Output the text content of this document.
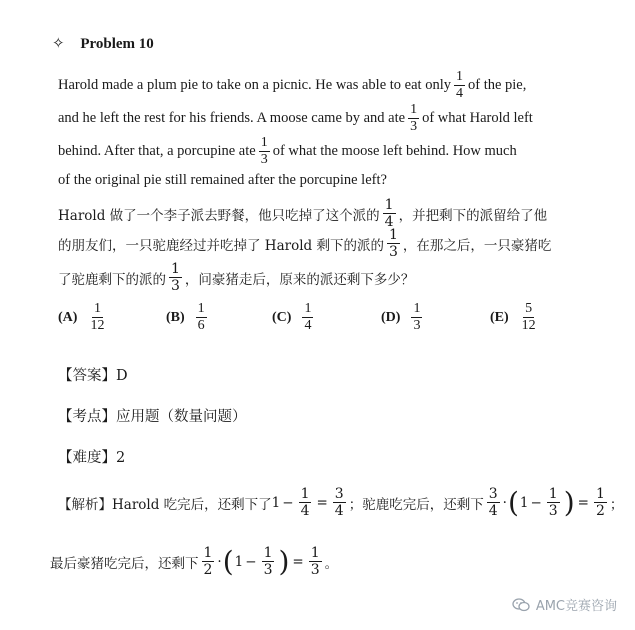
✧ Problem 10
Harold made a plum pie to take on a picnic. He was able to eat only $\frac{1}{4}$ of the pie,
and he left the rest for his friends. A moose came by and ate $\frac{1}{3}$ of what Harold left
behind. After that, a porcupine ate $\frac{1}{3}$ of what the moose left behind. How much
of the original pie still remained after the porcupine left?
Harold 做了一个李子派去野餐，他只吃掉了这个派的 $\frac{1}{4}$ ，并把剩下的派留给了他
的朋友们，一只驼鹿经过并吃掉了 Harold 剩下的派的 $\frac{1}{3}$ ，在那之后，一只豪猪吃
了驼鹿剩下的派的 $\frac{1}{3}$ ，问豪猪走后，原来的派还剩下多少？
$(A) \frac{1}{12}$	$(B) \frac{1}{6}$	$(C) \frac{1}{4}$	$(D) \frac{1}{3}$	$(E) \frac{5}{12}$
【答案】D
【考点】应用题（数量问题）
【难度】2
【解析】 Harold 吃完后，还剩下了 $1 - \frac{1}{4} = \frac{3}{4}$ ；驼鹿吃完后，还剩下 $\frac{3}{4}$ · ( $1 - \frac{1}{3}$ ) = $\frac{1}{2}$ ；
最后豪猪吃完后，还剩下 $\frac{1}{2}$ · ( $1 - \frac{1}{3}$ ) = $\frac{1}{3}$ 。
AMC竞赛咨询
